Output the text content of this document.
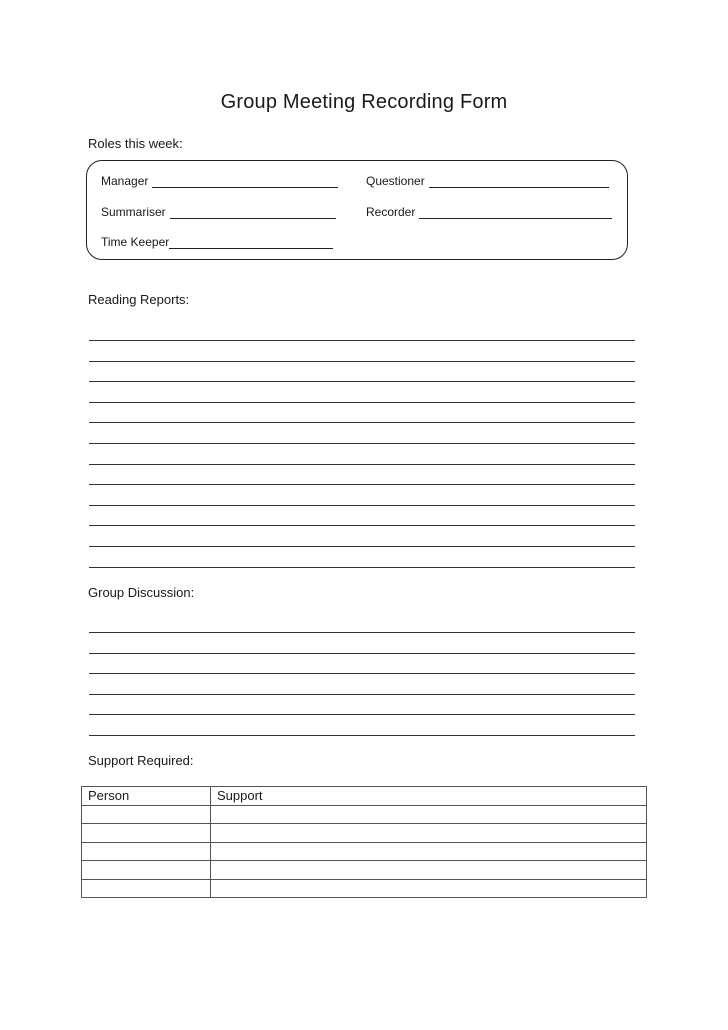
Group Meeting Recording Form
Roles this week:
Manager	Questioner
Summariser	Recorder
Time Keeper
Reading Reports:
Group Discussion:
Support Required:
Person	Support
